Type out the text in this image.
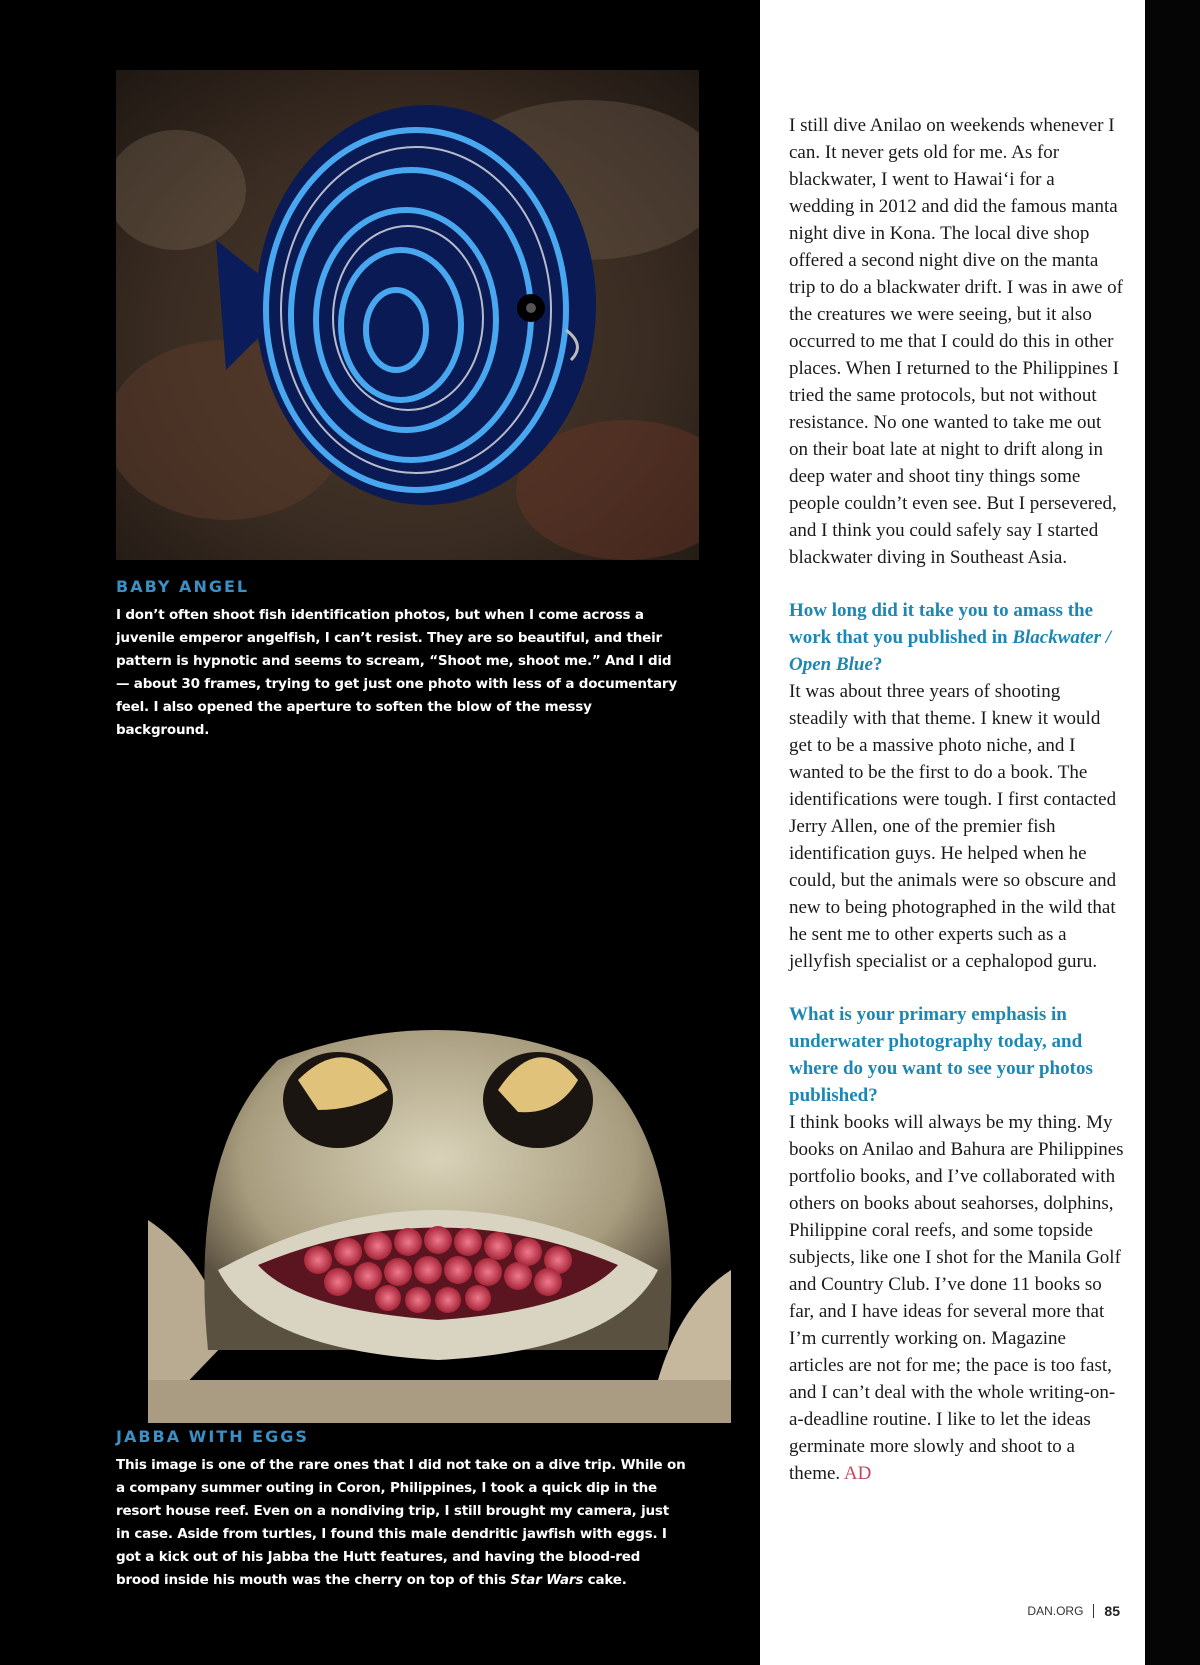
BABY ANGEL

I don’t often shoot fish identification photos, but when I come across a juvenile emperor angelfish, I can’t resist. They are so beautiful, and their pattern is hypnotic and seems to scream, “Shoot me, shoot me.” And I did — about 30 frames, trying to get just one photo with less of a documentary feel. I also opened the aperture to soften the blow of the messy background.

JABBA WITH EGGS

This image is one of the rare ones that I did not take on a dive trip. While on a company summer outing in Coron, Philippines, I took a quick dip in the resort house reef. Even on a nondiving trip, I still brought my camera, just in case. Aside from turtles, I found this male dendritic jawfish with eggs. I got a kick out of his Jabba the Hutt features, and having the blood-red brood inside his mouth was the cherry on top of this Star Wars cake.

I still dive Anilao on weekends whenever I can. It never gets old for me. As for blackwater, I went to Hawai‘i for a wedding in 2012 and did the famous manta night dive in Kona. The local dive shop offered a second night dive on the manta trip to do a blackwater drift. I was in awe of the creatures we were seeing, but it also occurred to me that I could do this in other places. When I returned to the Philippines I tried the same protocols, but not without resistance. No one wanted to take me out on their boat late at night to drift along in deep water and shoot tiny things some people couldn’t even see. But I persevered, and I think you could safely say I started blackwater diving in Southeast Asia.

How long did it take you to amass the work that you published in Blackwater / Open Blue?

It was about three years of shooting steadily with that theme. I knew it would get to be a massive photo niche, and I wanted to be the first to do a book. The identifications were tough. I first contacted Jerry Allen, one of the premier fish identification guys. He helped when he could, but the animals were so obscure and new to being photographed in the wild that he sent me to other experts such as a jellyfish specialist or a cephalopod guru.

What is your primary emphasis in underwater photography today, and where do you want to see your photos published?

I think books will always be my thing. My books on Anilao and Bahura are Philippines portfolio books, and I’ve collaborated with others on books about seahorses, dolphins, Philippine coral reefs, and some topside subjects, like one I shot for the Manila Golf and Country Club. I’ve done 11 books so far, and I have ideas for several more that I’m currently working on. Magazine articles are not for me; the pace is too fast, and I can’t deal with the whole writing-on-a-deadline routine. I like to let the ideas germinate more slowly and shoot to a theme. AD

DAN.ORG 85
